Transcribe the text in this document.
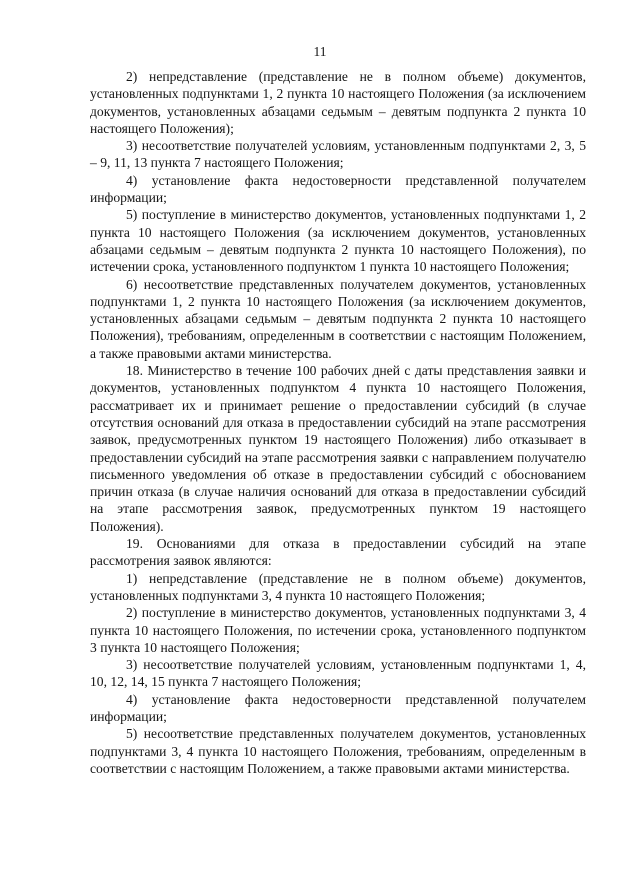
11

2) непредставление (представление не в полном объеме) документов, установленных подпунктами 1, 2 пункта 10 настоящего Положения (за исключением документов, установленных абзацами седьмым – девятым подпункта 2 пункта 10 настоящего Положения);

3) несоответствие получателей условиям, установленным подпунктами 2, 3, 5 – 9, 11, 13 пункта 7 настоящего Положения;

4) установление факта недостоверности представленной получателем информации;

5) поступление в министерство документов, установленных подпунктами 1, 2 пункта 10 настоящего Положения (за исключением документов, установленных абзацами седьмым – девятым подпункта 2 пункта 10 настоящего Положения), по истечении срока, установленного подпунктом 1 пункта 10 настоящего Положения;

6) несоответствие представленных получателем документов, установленных подпунктами 1, 2 пункта 10 настоящего Положения (за исключением документов, установленных абзацами седьмым – девятым подпункта 2 пункта 10 настоящего Положения), требованиям, определенным в соответствии с настоящим Положением, а также правовыми актами министерства.

18. Министерство в течение 100 рабочих дней с даты представления заявки и документов, установленных подпунктом 4 пункта 10 настоящего Положения, рассматривает их и принимает решение о предоставлении субсидий (в случае отсутствия оснований для отказа в предоставлении субсидий на этапе рассмотрения заявок, предусмотренных пунктом 19 настоящего Положения) либо отказывает в предоставлении субсидий на этапе рассмотрения заявки с направлением получателю письменного уведомления об отказе в предоставлении субсидий с обоснованием причин отказа (в случае наличия оснований для отказа в предоставлении субсидий на этапе рассмотрения заявок, предусмотренных пунктом 19 настоящего Положения).

19. Основаниями для отказа в предоставлении субсидий на этапе рассмотрения заявок являются:

1) непредставление (представление не в полном объеме) документов, установленных подпунктами 3, 4 пункта 10 настоящего Положения;

2) поступление в министерство документов, установленных подпунктами 3, 4 пункта 10 настоящего Положения, по истечении срока, установленного подпунктом 3 пункта 10 настоящего Положения;

3) несоответствие получателей условиям, установленным подпунктами 1, 4, 10, 12, 14, 15 пункта 7 настоящего Положения;

4) установление факта недостоверности представленной получателем информации;

5) несоответствие представленных получателем документов, установленных подпунктами 3, 4 пункта 10 настоящего Положения, требованиям, определенным в соответствии с настоящим Положением, а также правовыми актами министерства.
